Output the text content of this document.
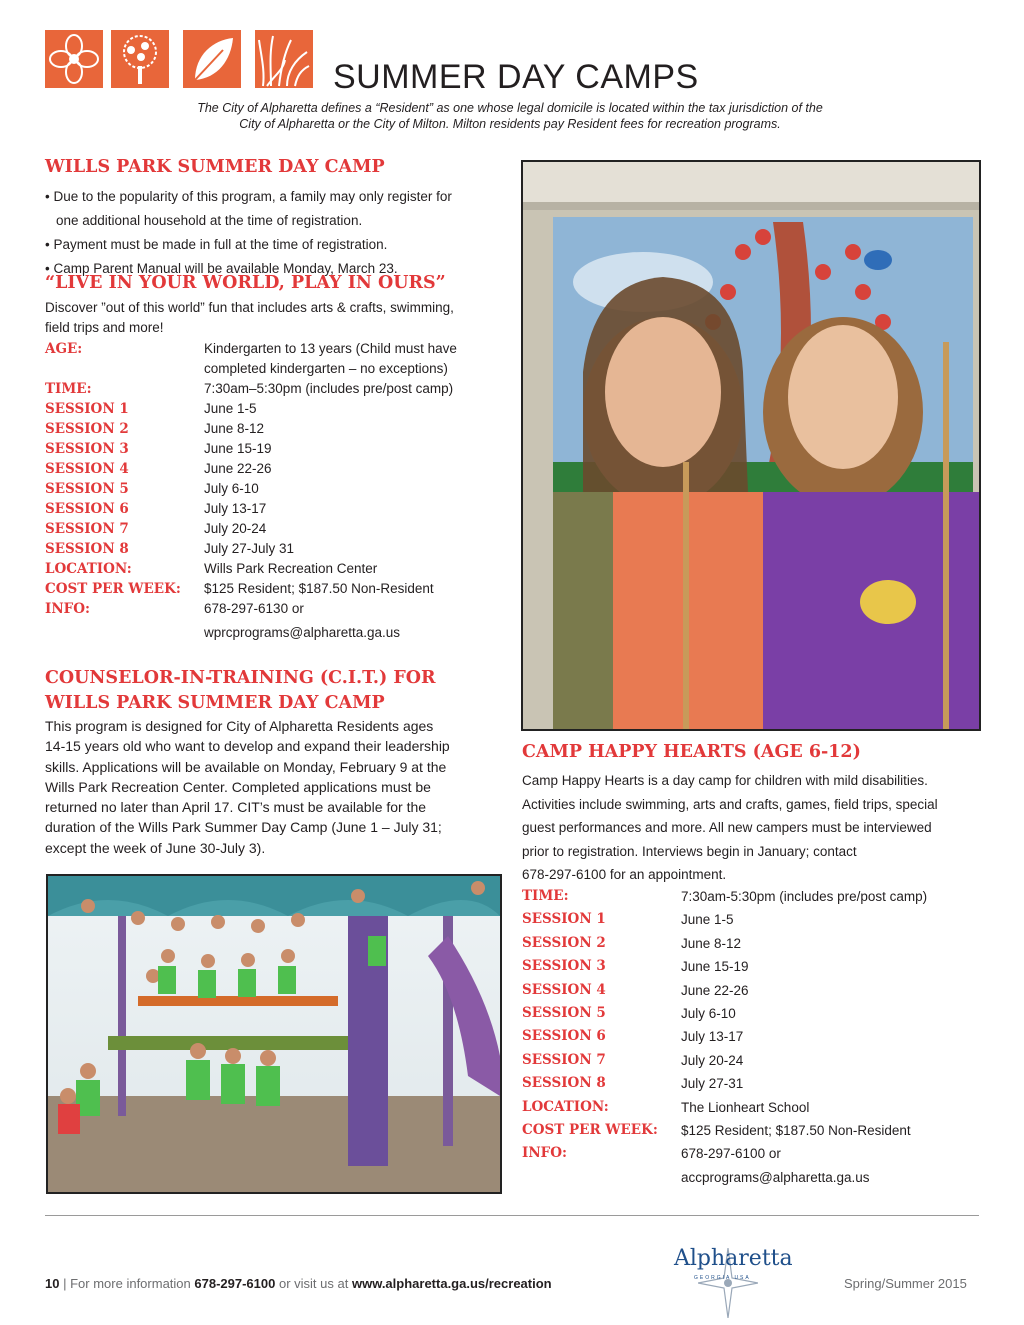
SUMMER DAY CAMPS
The City of Alpharetta defines a “Resident” as one whose legal domicile is located within the tax jurisdiction of the
City of Alpharetta or the City of Milton. Milton residents pay Resident fees for recreation programs.
WILLS PARK SUMMER DAY CAMP
• Due to the popularity of this program, a family may only register for
one additional household at the time of registration.
• Payment must be made in full at the time of registration.
• Camp Parent Manual will be available Monday, March 23.
“LIVE IN YOUR WORLD, PLAY IN OURS”
Discover ”out of this world” fun that includes arts & crafts, swimming,
field trips and more!
AGE:	Kindergarten to 13 years (Child must have
completed kindergarten – no exceptions)
TIME:	7:30am–5:30pm (includes pre/post camp)
SESSION 1	June 1-5
SESSION 2	June 8-12
SESSION 3	June 15-19
SESSION 4	June 22-26
SESSION 5	July 6-10
SESSION 6	July 13-17
SESSION 7	July 20-24
SESSION 8	July 27-July 31
LOCATION:	Wills Park Recreation Center
COST PER WEEK:	$125 Resident; $187.50 Non-Resident
INFO:	678-297-6130 or
wprcprograms@alpharetta.ga.us
COUNSELOR-IN-TRAINING (C.I.T.) FOR
WILLS PARK SUMMER DAY CAMP
This program is designed for City of Alpharetta Residents ages
14-15 years old who want to develop and expand their leadership
skills. Applications will be available on Monday, February 9 at the
Wills Park Recreation Center. Completed applications must be
returned no later than April 17. CIT’s must be available for the
duration of the Wills Park Summer Day Camp (June 1 – July 31;
except the week of June 30-July 3).
CAMP HAPPY HEARTS (AGE 6-12)
Camp Happy Hearts is a day camp for children with mild disabilities.
Activities include swimming, arts and crafts, games, field trips, special
guest performances and more. All new campers must be interviewed
prior to registration. Interviews begin in January; contact
678-297-6100 for an appointment.
TIME:	7:30am-5:30pm (includes pre/post camp)
SESSION 1	June 1-5
SESSION 2	June 8-12
SESSION 3	June 15-19
SESSION 4	June 22-26
SESSION 5	July 6-10
SESSION 6	July 13-17
SESSION 7	July 20-24
SESSION 8	July 27-31
LOCATION:	The Lionheart School
COST PER WEEK:	$125 Resident; $187.50 Non-Resident
INFO:	678-297-6100 or
accprograms@alpharetta.ga.us
10 | For more information 678-297-6100 or visit us at www.alpharetta.ga.us/recreation
Alpharetta
GEORGIA USA	Spring/Summer 2015
